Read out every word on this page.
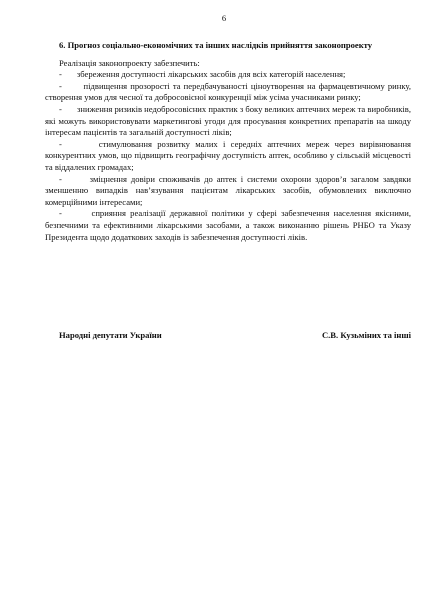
6

6. Прогноз соціально-економічних та інших наслідків прийняття законопроекту

Реалізація законопроекту забезпечить:

-       збереження доступності лікарських засобів для всіх категорій населення;

-       підвищення прозорості та передбачуваності ціноутворення на фармацевтичному ринку, створення умов для чесної та добросовісної конкуренції між усіма учасниками ринку;

-       зниження ризиків недобросовісних практик з боку великих аптечних мереж та виробників, які можуть використовувати маркетингові угоди для просування конкретних препаратів на шкоду інтересам пацієнтів та загальній доступності ліків;

-       стимулювання розвитку малих і середніх аптечних мереж через вирівнювання конкурентних умов, що підвищить географічну доступність аптек, особливо у сільській місцевості та віддалених громадах;

-       зміцнення довіри споживачів до аптек і системи охорони здоров’я загалом завдяки зменшенню випадків нав’язування пацієнтам лікарських засобів, обумовлених виключно комерційними інтересами;

-       сприяння реалізації державної політики у сфері забезпечення населення якісними, безпечними та ефективними лікарськими засобами, а також виконанню рішень РНБО та Указу Президента щодо додаткових заходів із забезпечення доступності ліків.

Народні депутати України	С.В. Кузьміних та інші
